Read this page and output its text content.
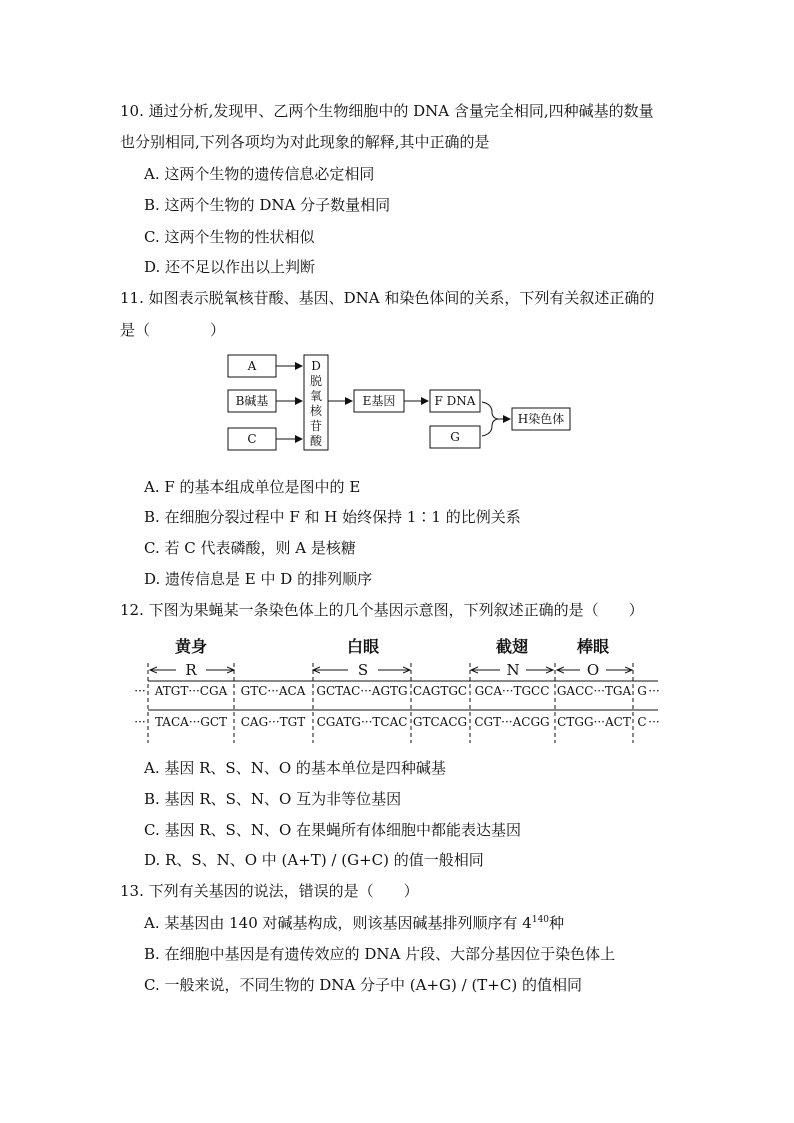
10. 通过分析,发现甲、乙两个生物细胞中的 DNA 含量完全相同,四种碱基的数量
也分别相同,下列各项均为对此现象的解释,其中正确的是
A. 这两个生物的遗传信息必定相同
B. 这两个生物的 DNA 分子数量相同
C. 这两个生物的性状相似
D. 还不足以作出以上判断
11. 如图表示脱氧核苷酸、基因、DNA 和染色体间的关系，下列有关叙述正确的
是（　　　　）
A
B碱基
C
D
脱
氧
核
苷
酸
E基因	F DNA
G
H染色体
A. F 的基本组成单位是图中的 E
B. 在细胞分裂过程中 F 和 H 始终保持 1∶1 的比例关系
C. 若 C 代表磷酸，则 A 是核糖
D. 遗传信息是 E 中 D 的排列顺序
12. 下图为果蝇某一条染色体上的几个基因示意图，下列叙述正确的是（　　）
黄身	白眼	截翅	棒眼
R	S	N	O
··· ATGT···CGA GTC···ACA GCTAC···AGTG CAGTGC GCA···TGCC GACC···TGA G ···
··· TACA···GCT CAG···TGT CGATG···TCAC GTCACG CGT···ACGG CTGG···ACT C ···
A. 基因 R、S、N、O 的基本单位是四种碱基
B. 基因 R、S、N、O 互为非等位基因
C. 基因 R、S、N、O 在果蝇所有体细胞中都能表达基因
D. R、S、N、O 中 (A+T) / (G+C) 的值一般相同
13. 下列有关基因的说法，错误的是（　　）
A. 某基因由 140 对碱基构成，则该基因碱基排列顺序有 $4^{140}$种
B. 在细胞中基因是有遗传效应的 DNA 片段、大部分基因位于染色体上
C. 一般来说，不同生物的 DNA 分子中 (A+G) / (T+C) 的值相同
